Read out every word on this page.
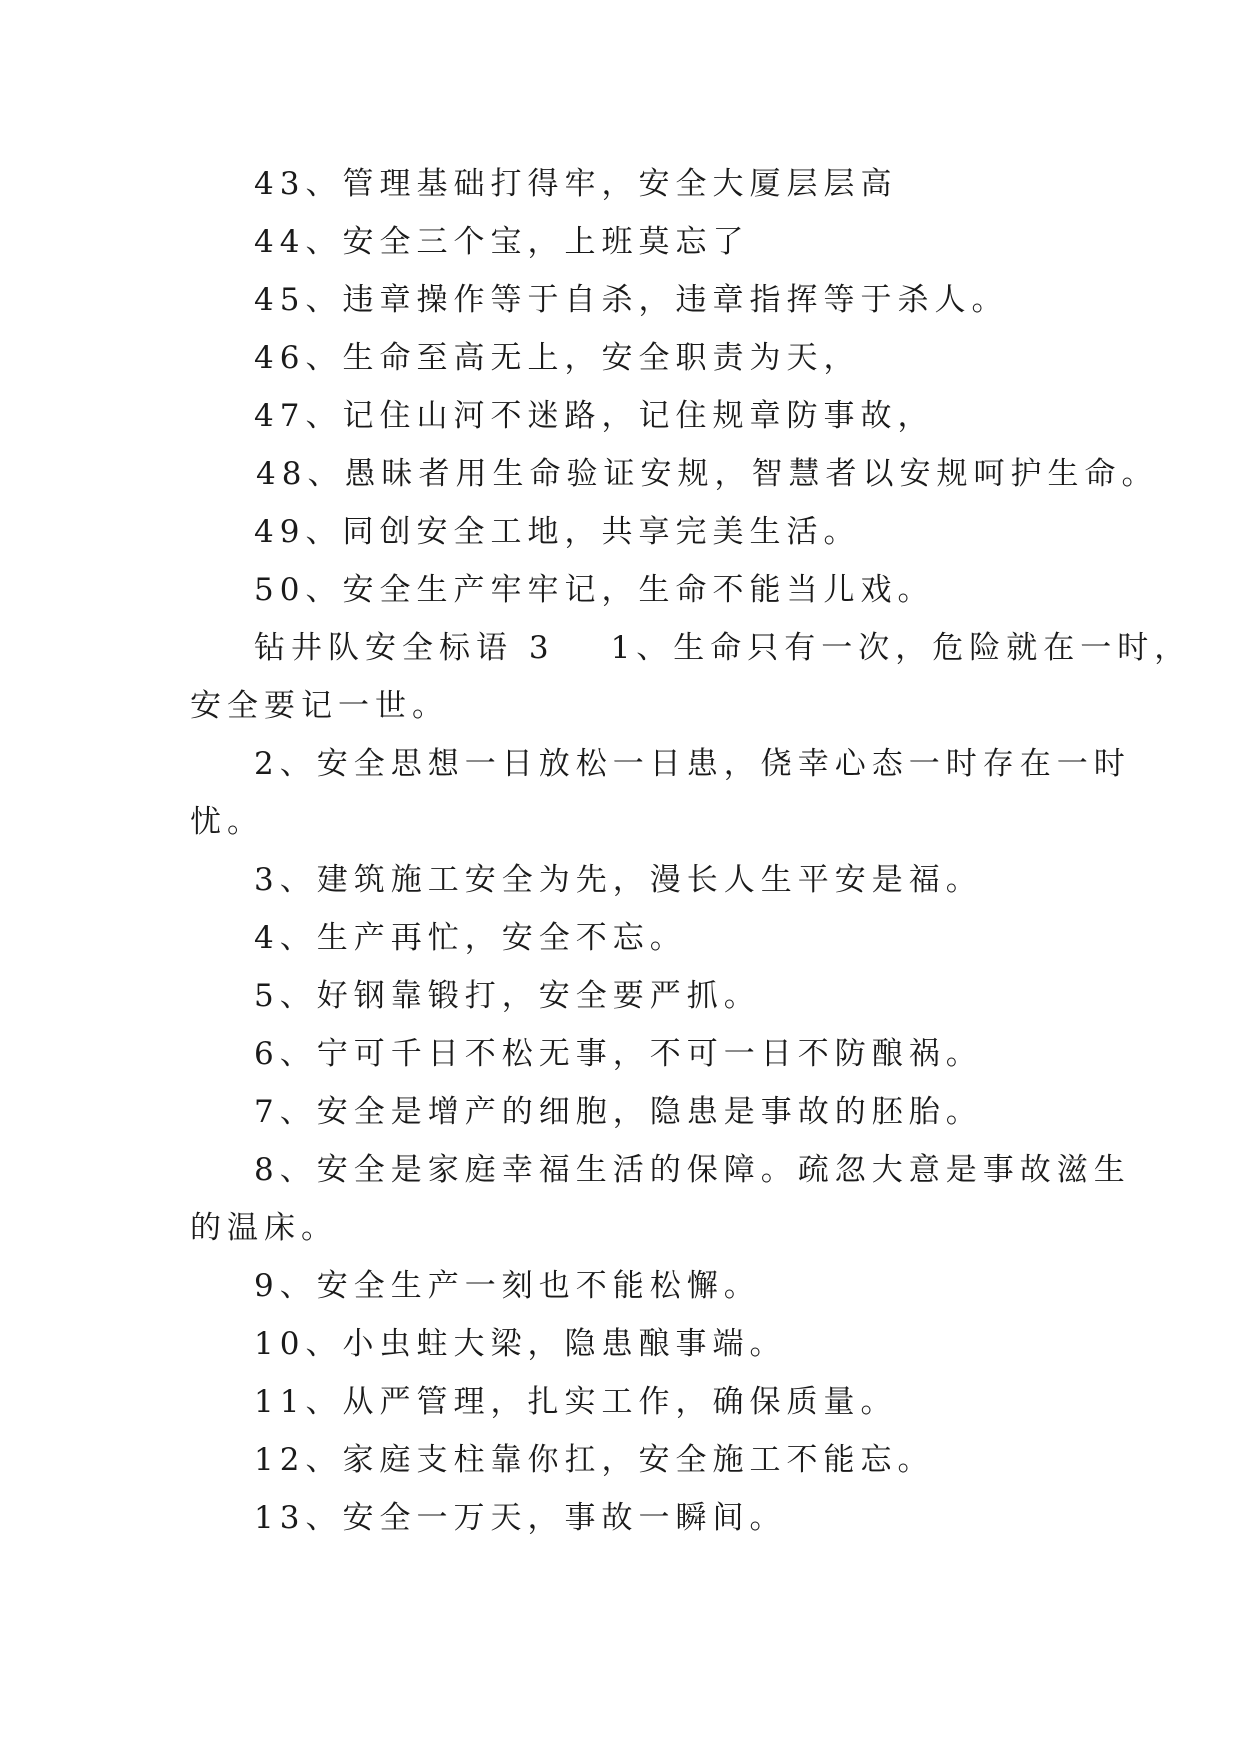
43、管理基础打得牢，安全大厦层层高
44、安全三个宝，上班莫忘了
45、违章操作等于自杀，违章指挥等于杀人。
46、生命至高无上，安全职责为天，
47、记住山河不迷路，记住规章防事故，
48、愚昧者用生命验证安规，智慧者以安规呵护生命。
49、同创安全工地，共享完美生活。
50、安全生产牢牢记，生命不能当儿戏。
钻井队安全标语 3 1、生命只有一次，危险就在一时，
安全要记一世。
2、安全思想一日放松一日患，侥幸心态一时存在一时
忧。
3、建筑施工安全为先，漫长人生平安是福。
4、生产再忙，安全不忘。
5、好钢靠锻打，安全要严抓。
6、宁可千日不松无事，不可一日不防酿祸。
7、安全是增产的细胞，隐患是事故的胚胎。
8、安全是家庭幸福生活的保障。疏忽大意是事故滋生
的温床。
9、安全生产一刻也不能松懈。
10、小虫蛀大梁，隐患酿事端。
11、从严管理，扎实工作，确保质量。
12、家庭支柱靠你扛，安全施工不能忘。
13、安全一万天，事故一瞬间。
